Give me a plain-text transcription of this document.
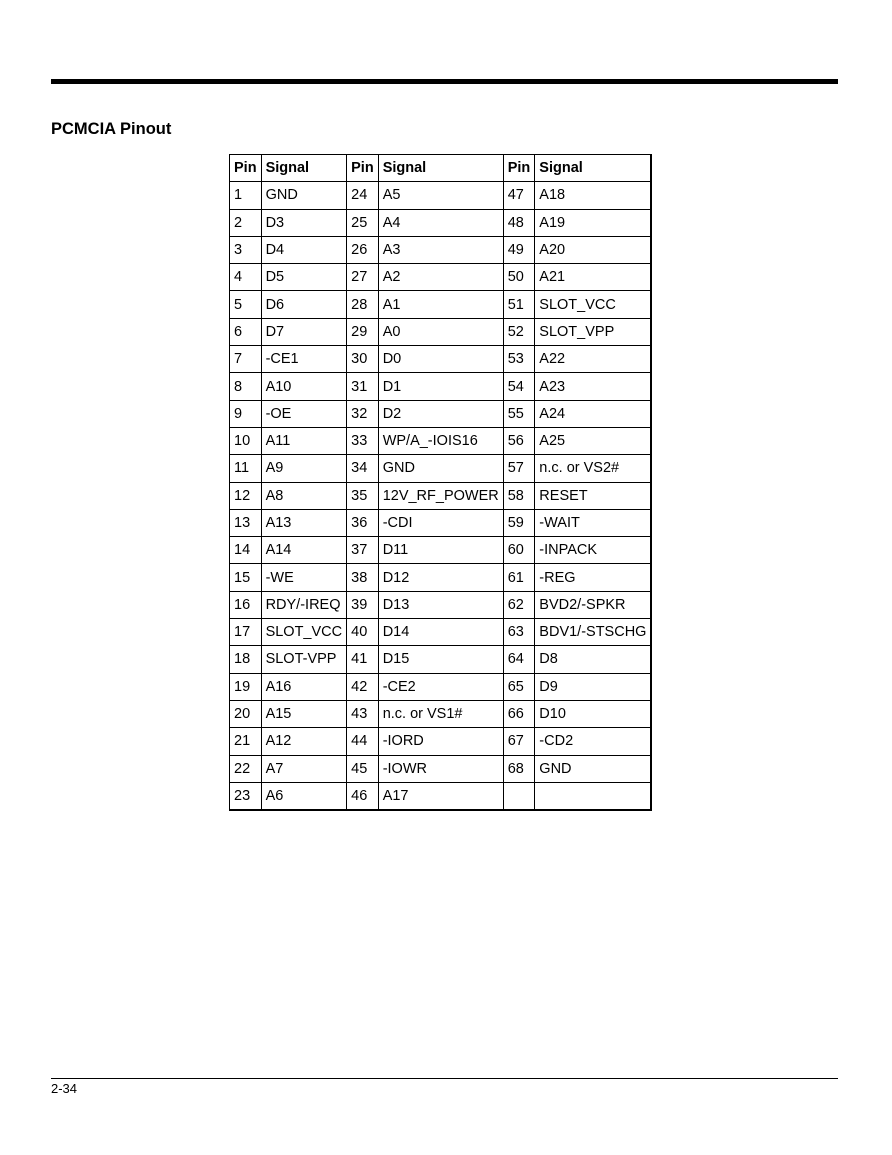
PCMCIA Pinout
Pin	Signal	Pin	Signal	Pin	Signal
1	GND	24	A5	47	A18
2	D3	25	A4	48	A19
3	D4	26	A3	49	A20
4	D5	27	A2	50	A21
5	D6	28	A1	51	SLOT_VCC
6	D7	29	A0	52	SLOT_VPP
7	-CE1	30	D0	53	A22
8	A10	31	D1	54	A23
9	-OE	32	D2	55	A24
10	A11	33	WP/A_-IOIS16	56	A25
11	A9	34	GND	57	n.c. or VS2#
12	A8	35	12V_RF_POWER	58	RESET
13	A13	36	-CDI	59	-WAIT
14	A14	37	D11	60	-INPACK
15	-WE	38	D12	61	-REG
16	RDY/-IREQ	39	D13	62	BVD2/-SPKR
17	SLOT_VCC	40	D14	63	BDV1/-STSCHG
18	SLOT-VPP	41	D15	64	D8
19	A16	42	-CE2	65	D9
20	A15	43	n.c. or VS1#	66	D10
21	A12	44	-IORD	67	-CD2
22	A7	45	-IOWR	68	GND
23	A6	46	A17		
2-34
